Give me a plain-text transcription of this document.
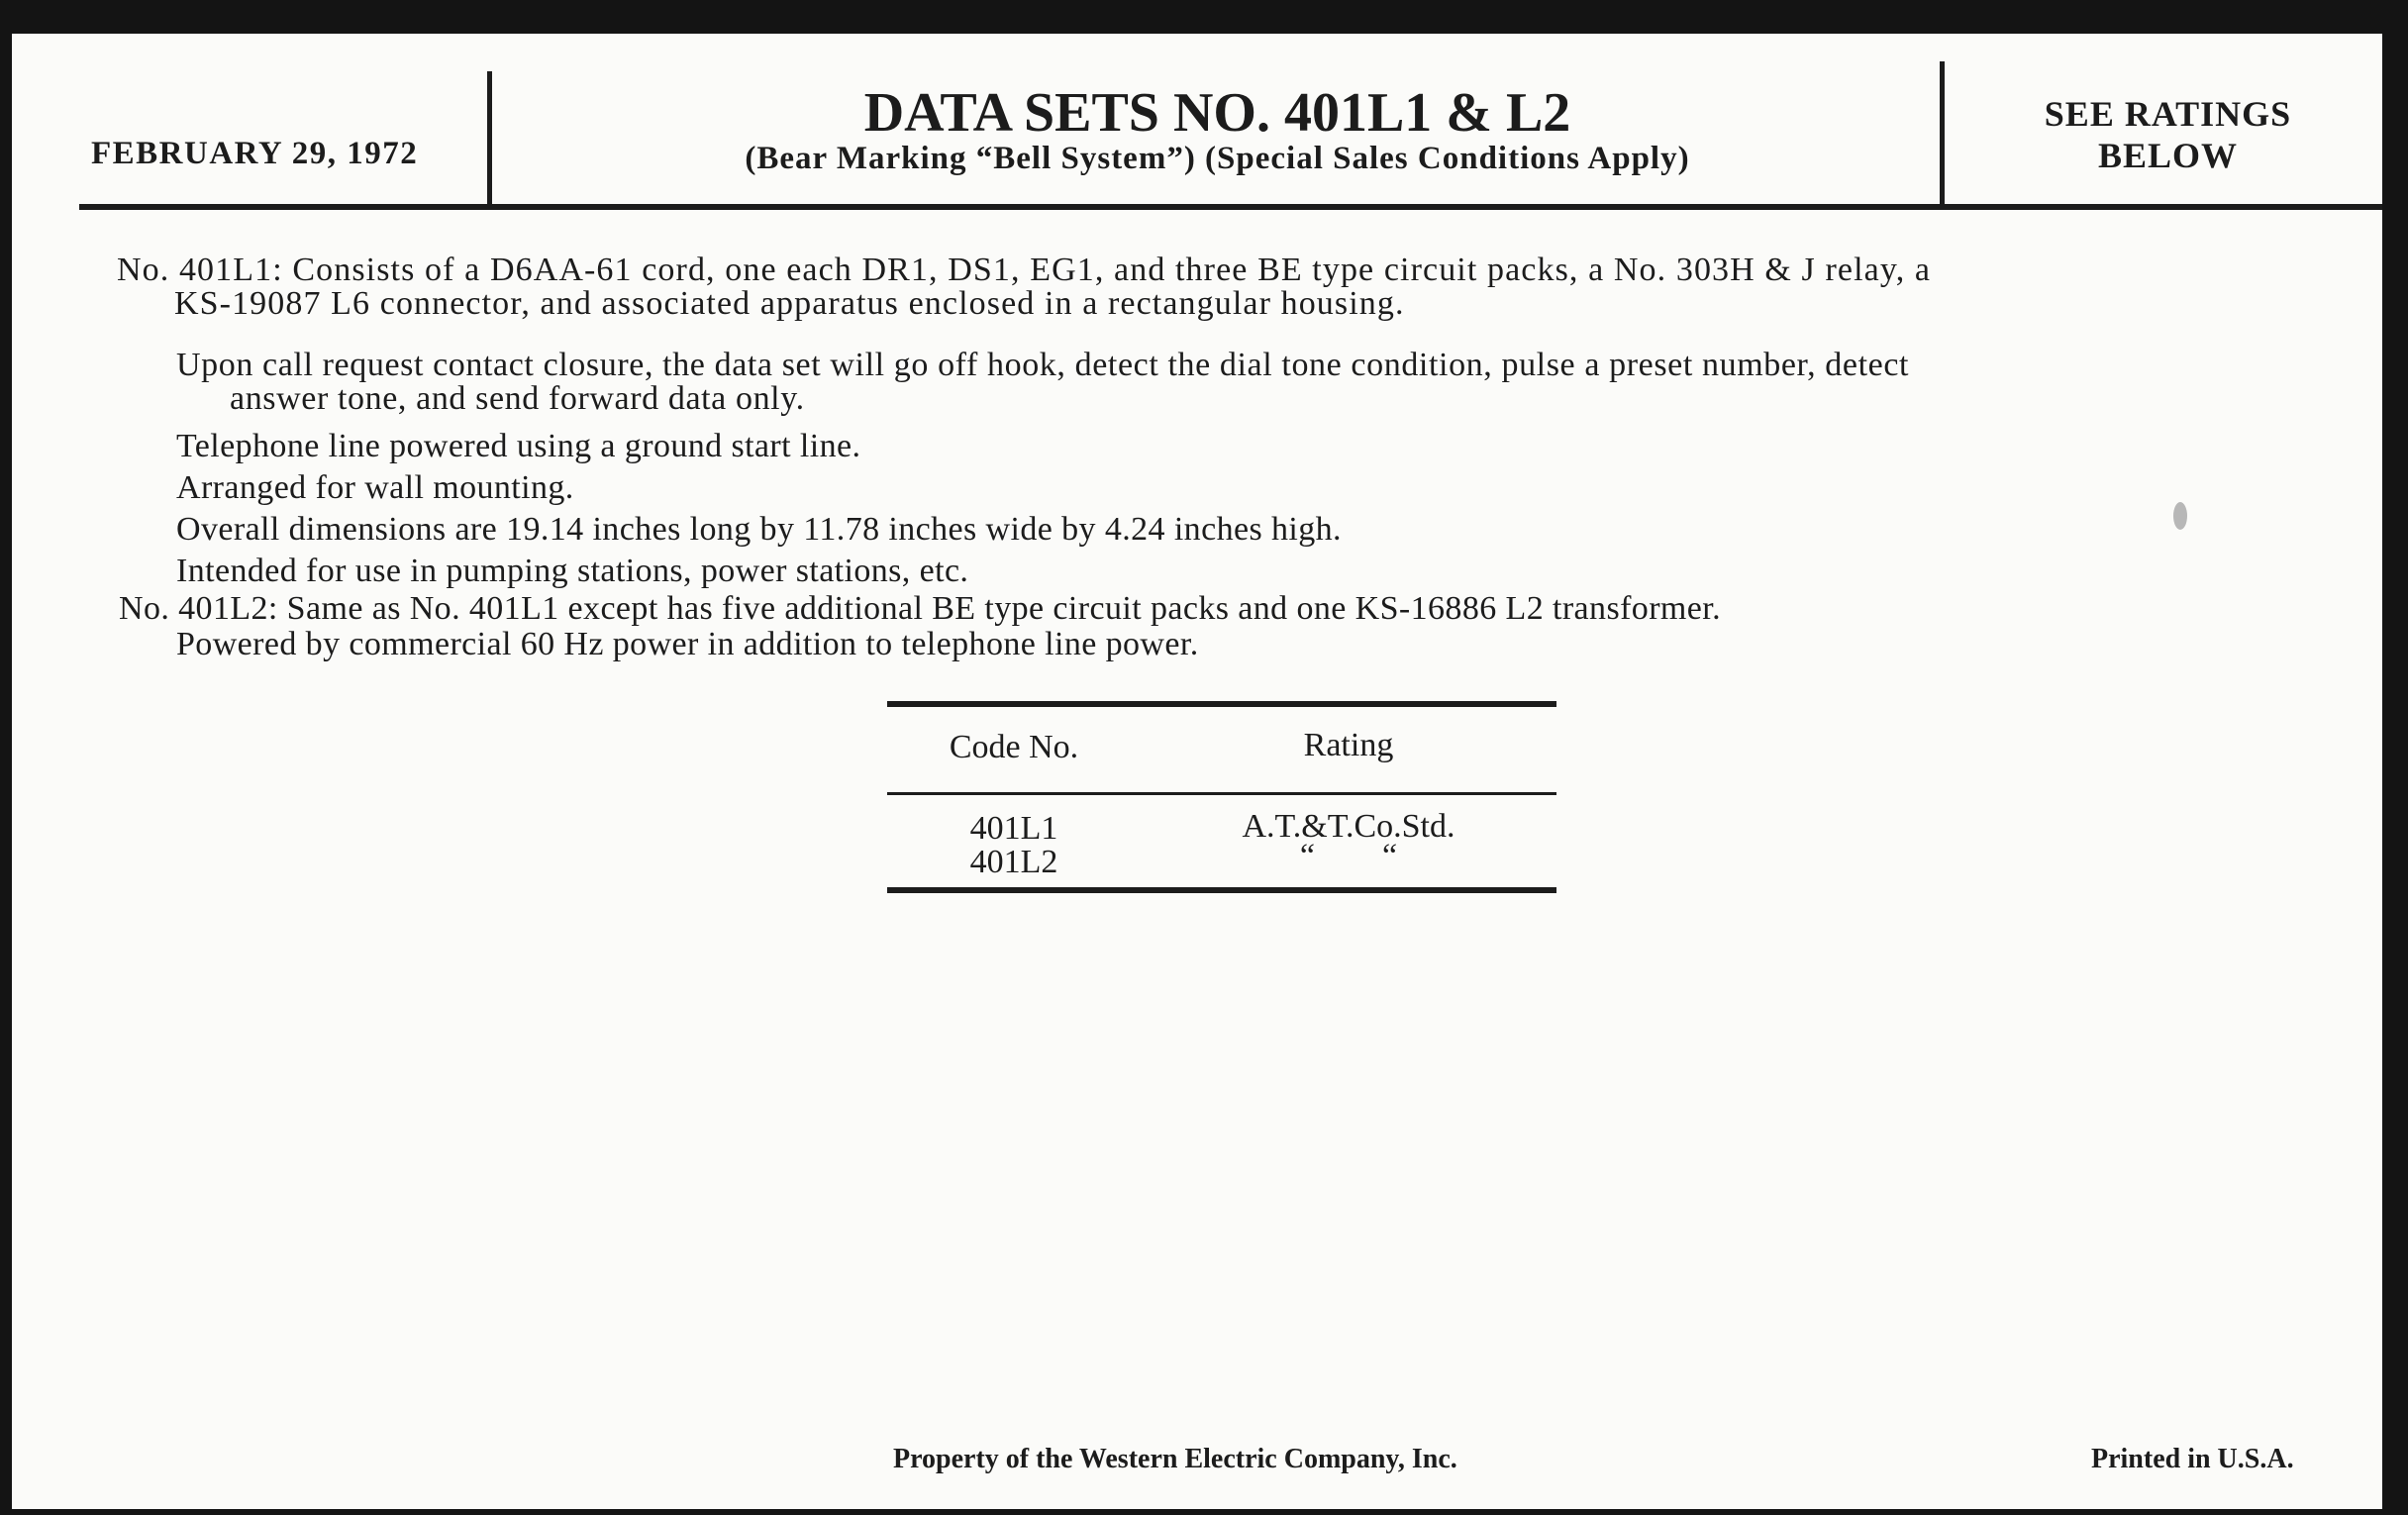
FEBRUARY 29, 1972
DATA SETS NO. 401L1 & L2
(Bear Marking “Bell System”) (Special Sales Conditions Apply)
SEE RATINGS
BELOW
No. 401L1: Consists of a D6AA-61 cord, one each DR1, DS1, EG1, and three BE type circuit packs, a No. 303H & J relay, a
KS-19087 L6 connector, and associated apparatus enclosed in a rectangular housing.
Upon call request contact closure, the data set will go off hook, detect the dial tone condition, pulse a preset number, detect
answer tone, and send forward data only.
Telephone line powered using a ground start line.
Arranged for wall mounting.
Overall dimensions are 19.14 inches long by 11.78 inches wide by 4.24 inches high.
Intended for use in pumping stations, power stations, etc.
No. 401L2: Same as No. 401L1 except has five additional BE type circuit packs and one KS-16886 L2 transformer.
Powered by commercial 60 Hz power in addition to telephone line power.
Code No.	Rating
401L1	A.T.&T.Co.Std.
401L2	“        “
Property of the Western Electric Company, Inc.	Printed in U.S.A.
